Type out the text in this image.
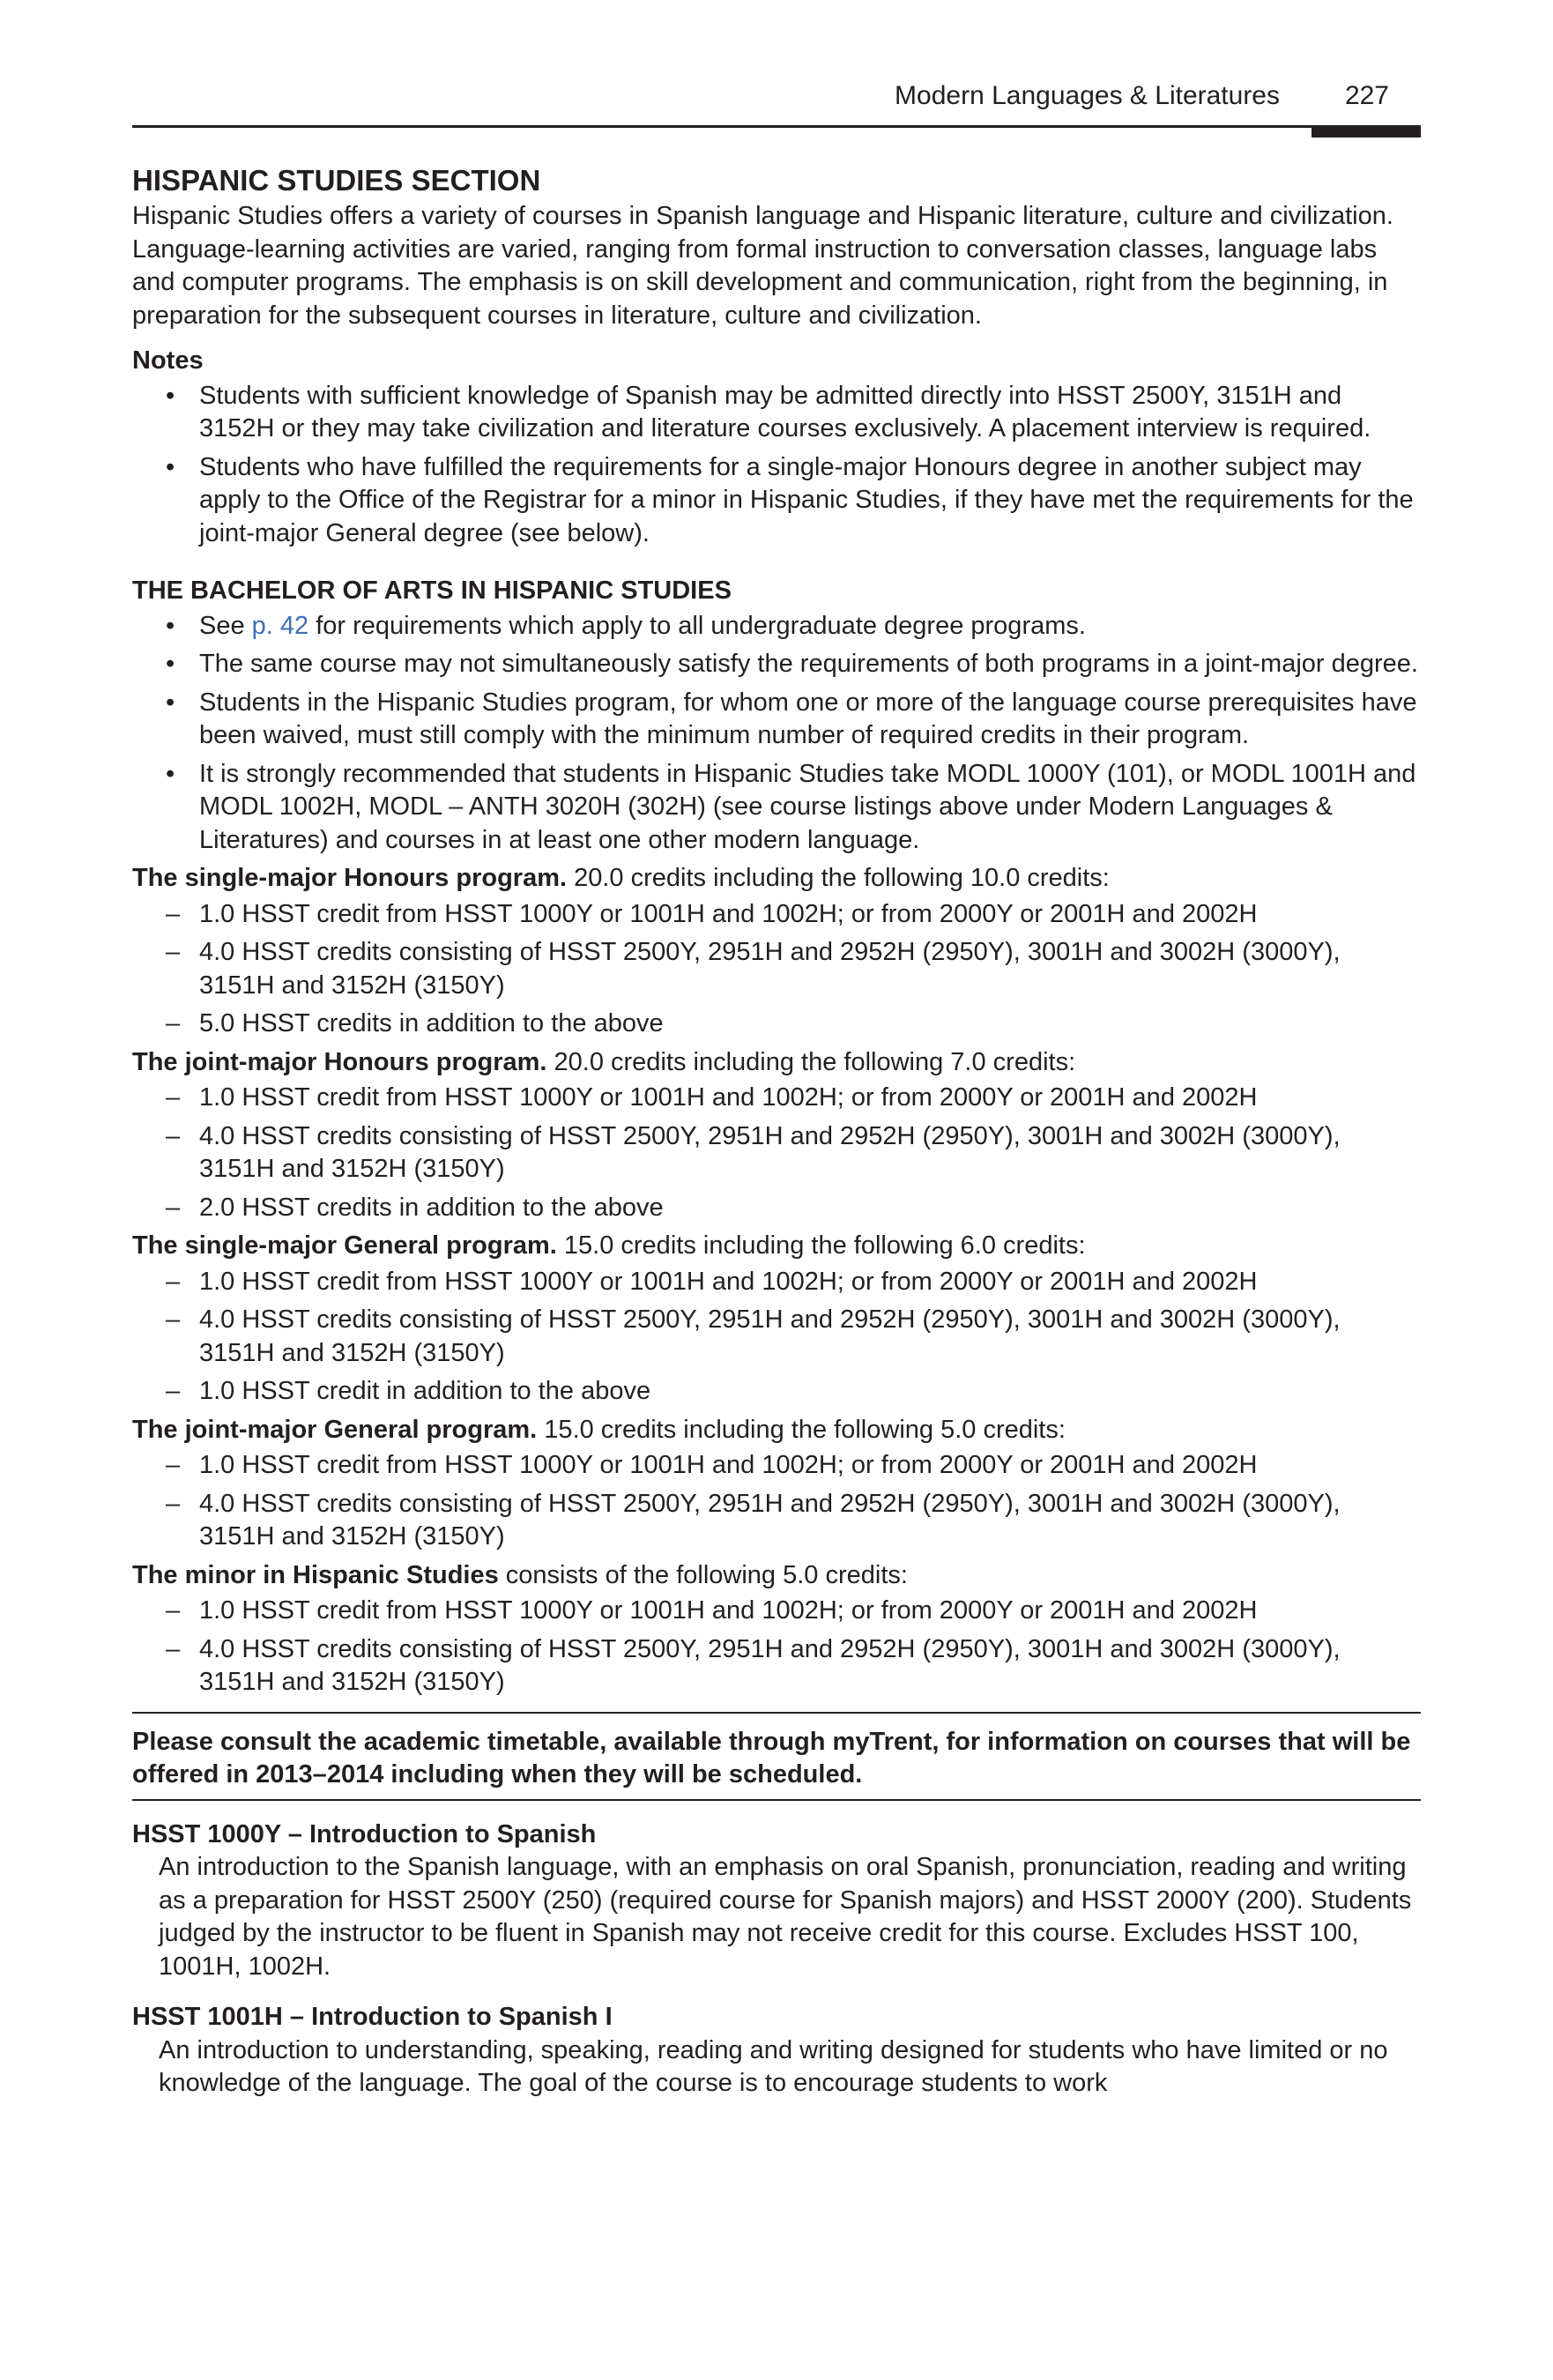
Modern Languages & Literatures 227
HISPANIC STUDIES SECTION

Hispanic Studies offers a variety of courses in Spanish language and Hispanic literature, culture and civilization. Language-learning activities are varied, ranging from formal instruction to conversation classes, language labs and computer programs. The emphasis is on skill development and communication, right from the beginning, in preparation for the subsequent courses in literature, culture and civilization.

Notes
• Students with sufficient knowledge of Spanish may be admitted directly into HSST 2500Y, 3151H and 3152H or they may take civilization and literature courses exclusively. A placement interview is required.
• Students who have fulfilled the requirements for a single-major Honours degree in another subject may apply to the Office of the Registrar for a minor in Hispanic Studies, if they have met the requirements for the joint-major General degree (see below).
THE BACHELOR OF ARTS IN HISPANIC STUDIES
• See p. 42 for requirements which apply to all undergraduate degree programs.
• The same course may not simultaneously satisfy the requirements of both programs in a joint-major degree.
• Students in the Hispanic Studies program, for whom one or more of the language course prerequisites have been waived, must still comply with the minimum number of required credits in their program.
• It is strongly recommended that students in Hispanic Studies take MODL 1000Y (101), or MODL 1001H and MODL 1002H, MODL – ANTH 3020H (302H) (see course listings above under Modern Languages & Literatures) and courses in at least one other modern language.

The single-major Honours program. 20.0 credits including the following 10.0 credits:

– 1.0 HSST credit from HSST 1000Y or 1001H and 1002H; or from 2000Y or 2001H and 2002H
– 4.0 HSST credits consisting of HSST 2500Y, 2951H and 2952H (2950Y), 3001H and 3002H (3000Y), 3151H and 3152H (3150Y)
– 5.0 HSST credits in addition to the above

The joint-major Honours program. 20.0 credits including the following 7.0 credits:

– 1.0 HSST credit from HSST 1000Y or 1001H and 1002H; or from 2000Y or 2001H and 2002H
– 4.0 HSST credits consisting of HSST 2500Y, 2951H and 2952H (2950Y), 3001H and 3002H (3000Y), 3151H and 3152H (3150Y)
– 2.0 HSST credits in addition to the above

The single-major General program. 15.0 credits including the following 6.0 credits:

– 1.0 HSST credit from HSST 1000Y or 1001H and 1002H; or from 2000Y or 2001H and 2002H
– 4.0 HSST credits consisting of HSST 2500Y, 2951H and 2952H (2950Y), 3001H and 3002H (3000Y), 3151H and 3152H (3150Y)
– 1.0 HSST credit in addition to the above

The joint-major General program. 15.0 credits including the following 5.0 credits:

– 1.0 HSST credit from HSST 1000Y or 1001H and 1002H; or from 2000Y or 2001H and 2002H
– 4.0 HSST credits consisting of HSST 2500Y, 2951H and 2952H (2950Y), 3001H and 3002H (3000Y), 3151H and 3152H (3150Y)

The minor in Hispanic Studies consists of the following 5.0 credits:

– 1.0 HSST credit from HSST 1000Y or 1001H and 1002H; or from 2000Y or 2001H and 2002H
– 4.0 HSST credits consisting of HSST 2500Y, 2951H and 2952H (2950Y), 3001H and 3002H (3000Y), 3151H and 3152H (3150Y)
Please consult the academic timetable, available through myTrent, for information on courses that will be offered in 2013–2014 including when they will be scheduled.
HSST 1000Y – Introduction to Spanish
An introduction to the Spanish language, with an emphasis on oral Spanish, pronunciation, reading and writing as a preparation for HSST 2500Y (250) (required course for Spanish majors) and HSST 2000Y (200). Students judged by the instructor to be fluent in Spanish may not receive credit for this course. Excludes HSST 100, 1001H, 1002H.
HSST 1001H – Introduction to Spanish I
An introduction to understanding, speaking, reading and writing designed for students who have limited or no knowledge of the language. The goal of the course is to encourage students to work
